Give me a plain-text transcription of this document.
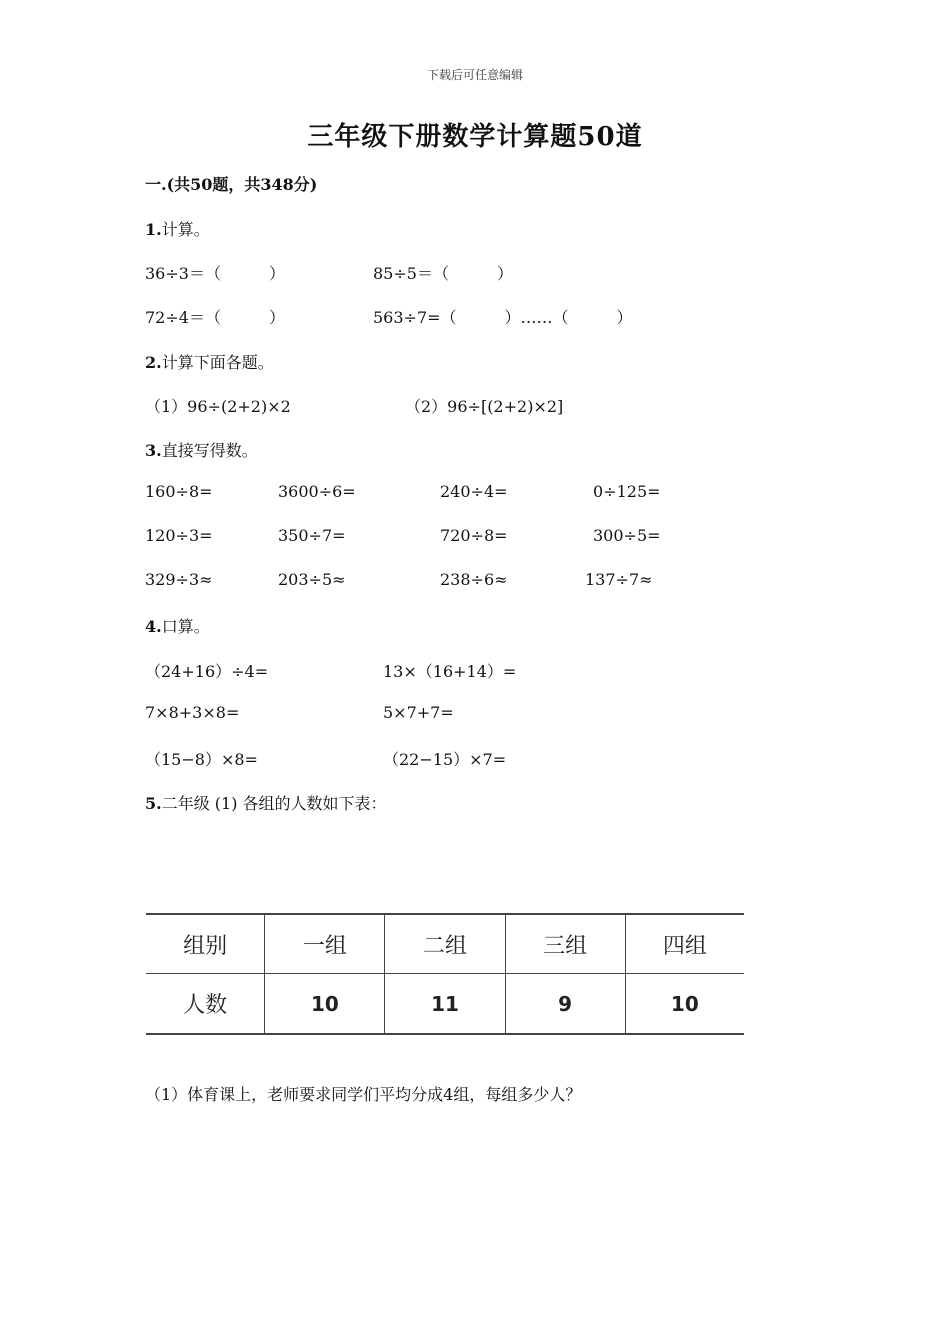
下载后可任意编辑
三年级下册数学计算题50道
一.(共50题，共348分)
1.计算。
36÷3＝（　　　）	85÷5＝（　　　）
72÷4＝（　　　）	563÷7=（　　　）……（　　　）
2.计算下面各题。
（1）96÷(2+2)×2	（2）96÷[(2+2)×2]
3.直接写得数。
160÷8=	3600÷6=	240÷4=	0÷125=
120÷3=	350÷7=	720÷8=	300÷5=
329÷3≈	203÷5≈	238÷6≈	137÷7≈
4.口算。
（24+16）÷4=	13×（16+14）=
7×8+3×8=	5×7+7=
（15−8）×8=	（22−15）×7=
5.二年级 (1) 各组的人数如下表：
组别	一组	二组	三组	四组
人数	10	11	9	10
（1）体育课上，老师要求同学们平均分成4组，每组多少人？
